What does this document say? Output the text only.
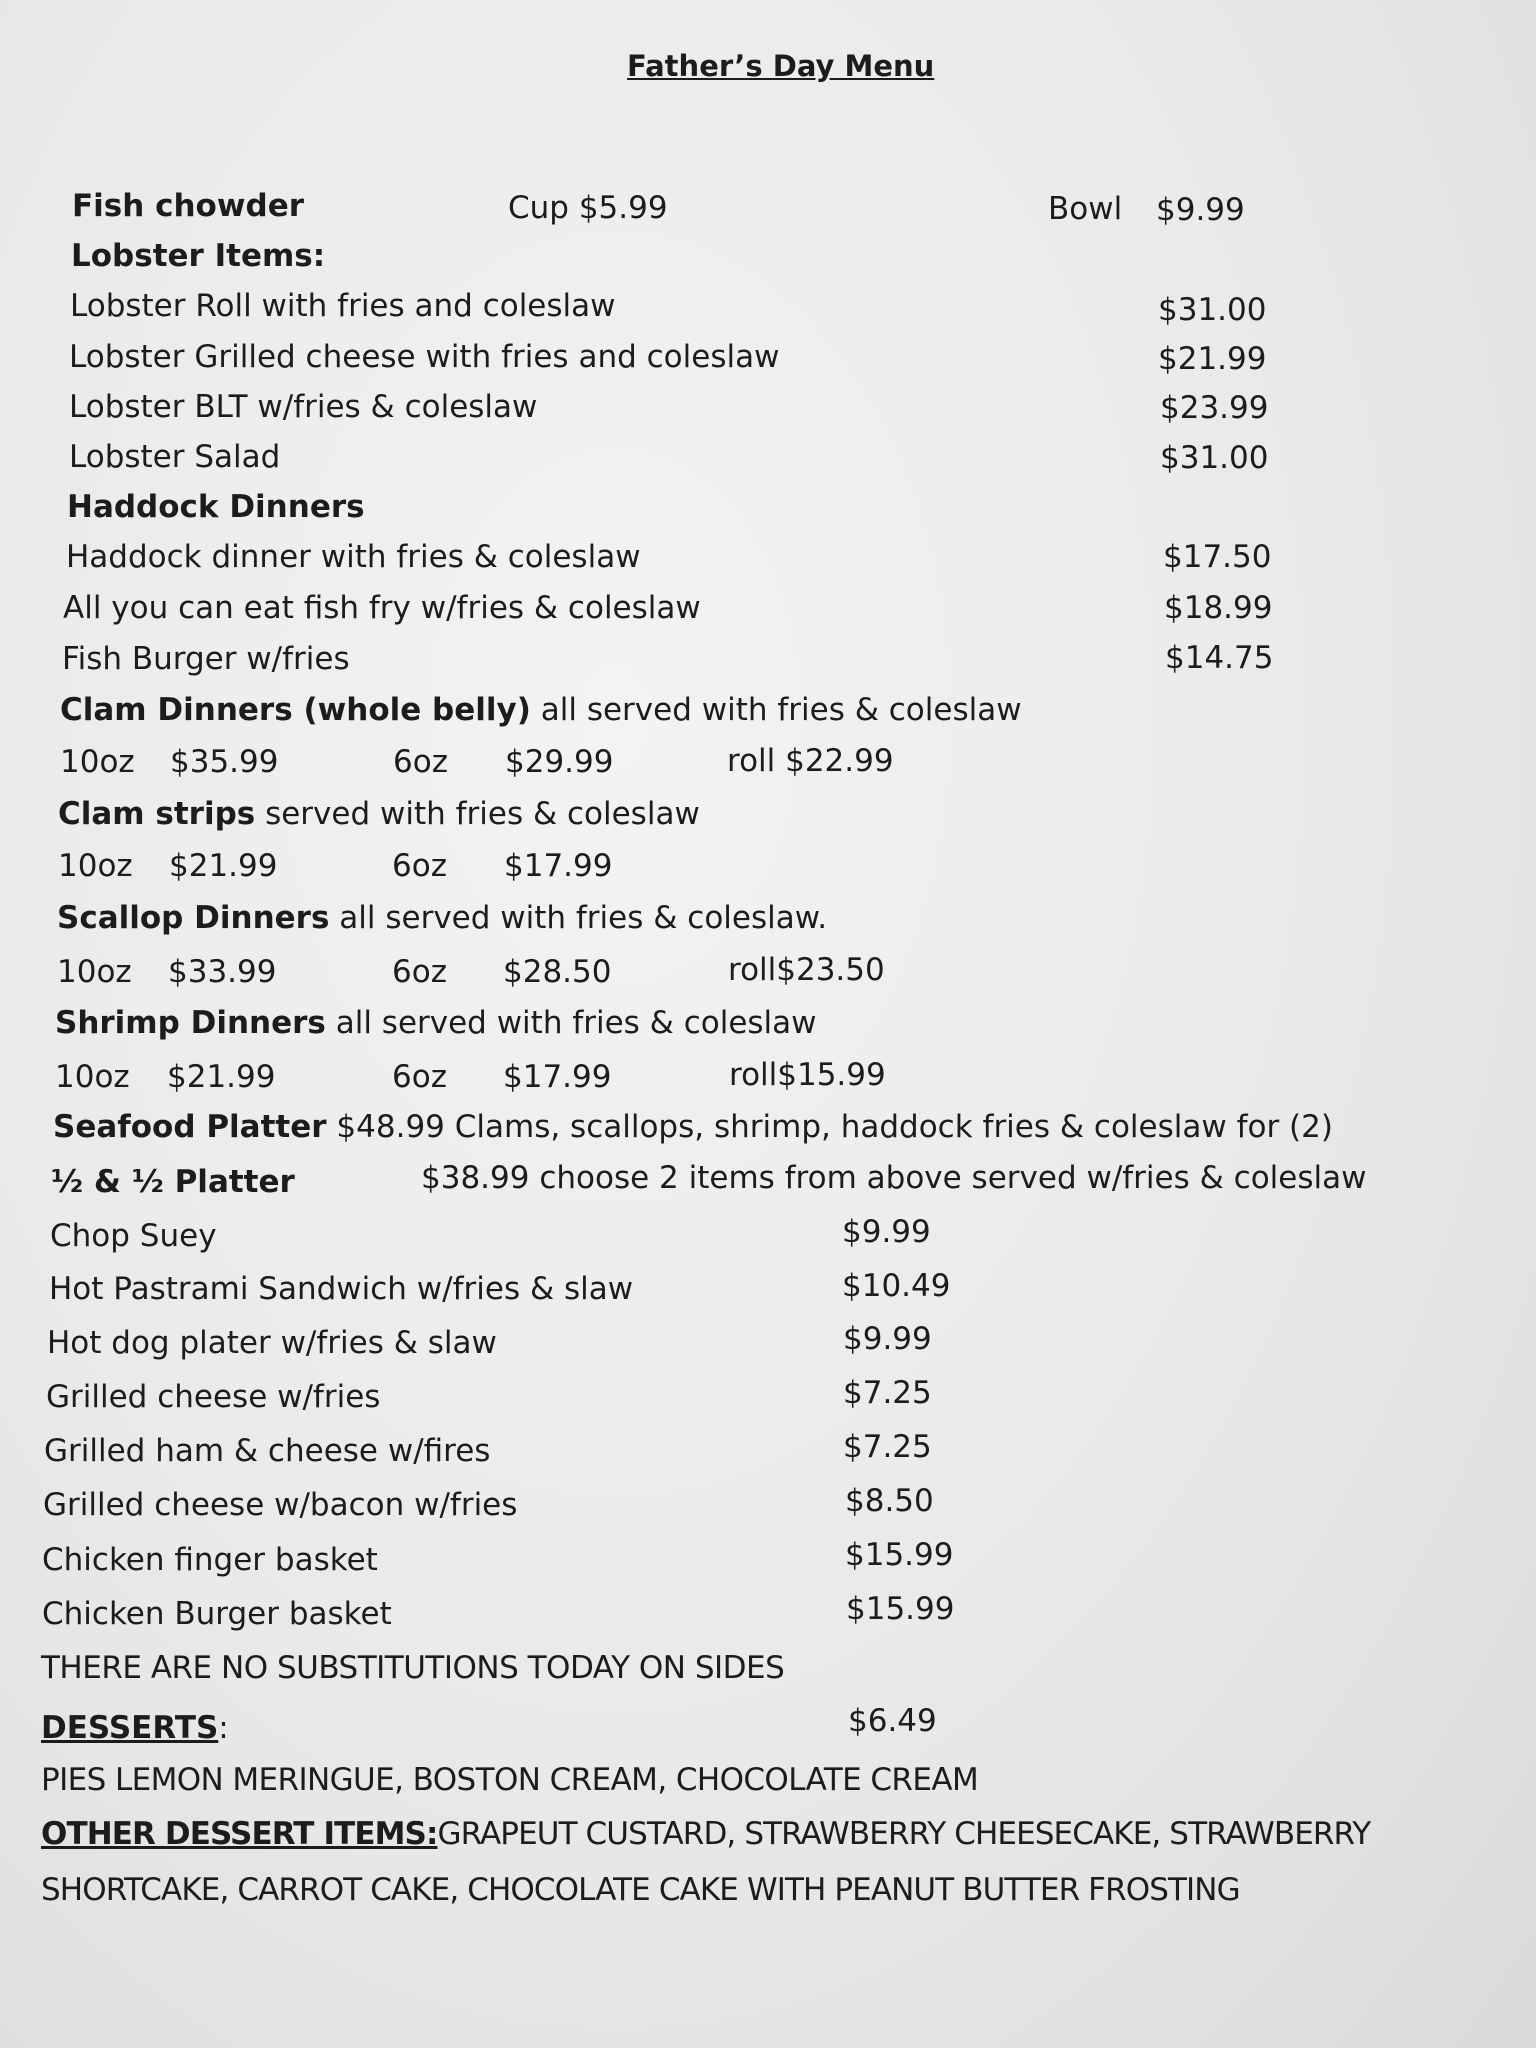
Father’s Day Menu
Fish chowder	Cup $5.99	Bowl $9.99
Lobster Items:
Lobster Roll with fries and coleslaw	$31.00
Lobster Grilled cheese with fries and coleslaw	$21.99
Lobster BLT w/fries & coleslaw	$23.99
Lobster Salad	$31.00
Haddock Dinners
Haddock dinner with fries & coleslaw	$17.50
All you can eat fish fry w/fries & coleslaw	$18.99
Fish Burger w/fries	$14.75
Clam Dinners (whole belly) all served with fries & coleslaw
10oz $35.99	6oz $29.99	roll $22.99
Clam strips served with fries & coleslaw
10oz $21.99	6oz $17.99
Scallop Dinners all served with fries & coleslaw.
10oz $33.99	6oz $28.50	roll$23.50
Shrimp Dinners all served with fries & coleslaw
10oz $21.99	6oz $17.99	roll$15.99
Seafood Platter $48.99 Clams, scallops, shrimp, haddock fries & coleslaw for (2)
½ & ½ Platter	$38.99 choose 2 items from above served w/fries & coleslaw
Chop Suey	$9.99
Hot Pastrami Sandwich w/fries & slaw	$10.49
Hot dog plater w/fries & slaw	$9.99
Grilled cheese w/fries	$7.25
Grilled ham & cheese w/fires	$7.25
Grilled cheese w/bacon w/fries	$8.50
Chicken finger basket	$15.99
Chicken Burger basket	$15.99
THERE ARE NO SUBSTITUTIONS TODAY ON SIDES
DESSERTS:	$6.49
PIES LEMON MERINGUE, BOSTON CREAM, CHOCOLATE CREAM
OTHER DESSERT ITEMS:GRAPEUT CUSTARD, STRAWBERRY CHEESECAKE, STRAWBERRY
SHORTCAKE, CARROT CAKE, CHOCOLATE CAKE WITH PEANUT BUTTER FROSTING
